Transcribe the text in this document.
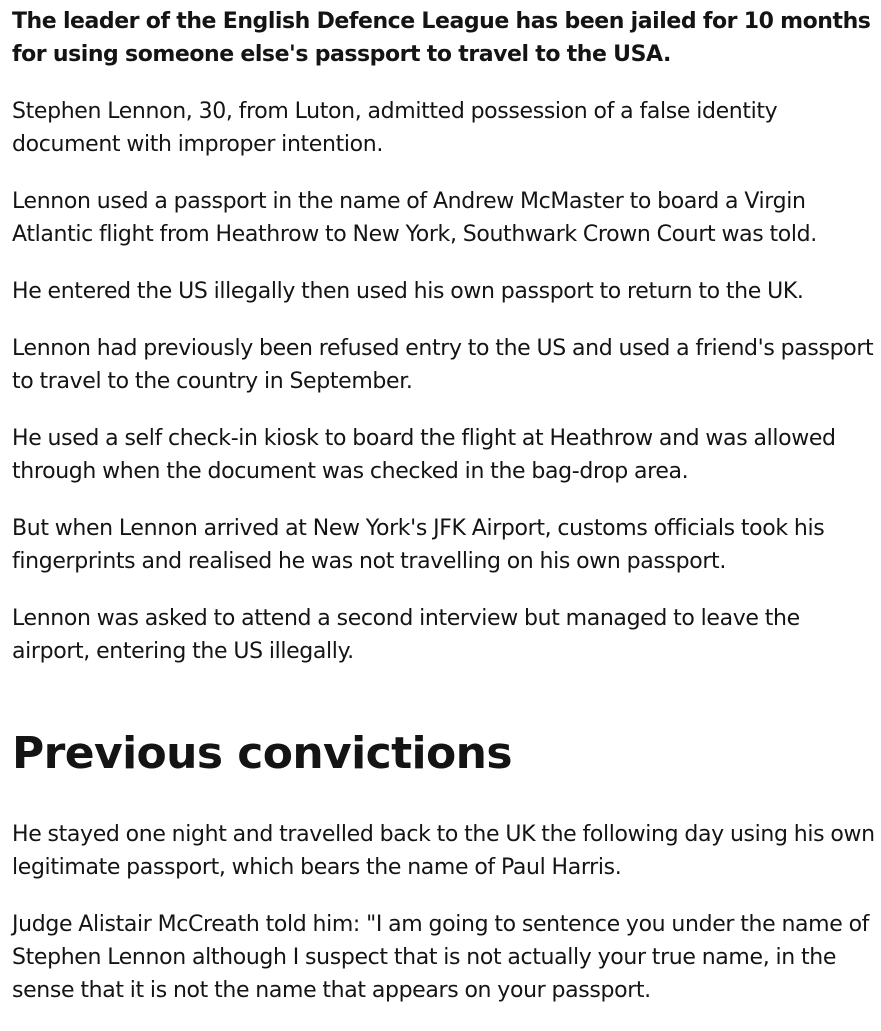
The leader of the English Defence League has been jailed for 10 months for using someone else's passport to travel to the USA.

Stephen Lennon, 30, from Luton, admitted possession of a false identity document with improper intention.

Lennon used a passport in the name of Andrew McMaster to board a Virgin Atlantic flight from Heathrow to New York, Southwark Crown Court was told.

He entered the US illegally then used his own passport to return to the UK.

Lennon had previously been refused entry to the US and used a friend's passport to travel to the country in September.

He used a self check-in kiosk to board the flight at Heathrow and was allowed through when the document was checked in the bag-drop area.

But when Lennon arrived at New York's JFK Airport, customs officials took his fingerprints and realised he was not travelling on his own passport.

Lennon was asked to attend a second interview but managed to leave the airport, entering the US illegally.

Previous convictions

He stayed one night and travelled back to the UK the following day using his own legitimate passport, which bears the name of Paul Harris.

Judge Alistair McCreath told him: "I am going to sentence you under the name of Stephen Lennon although I suspect that is not actually your true name, in the sense that it is not the name that appears on your passport.
